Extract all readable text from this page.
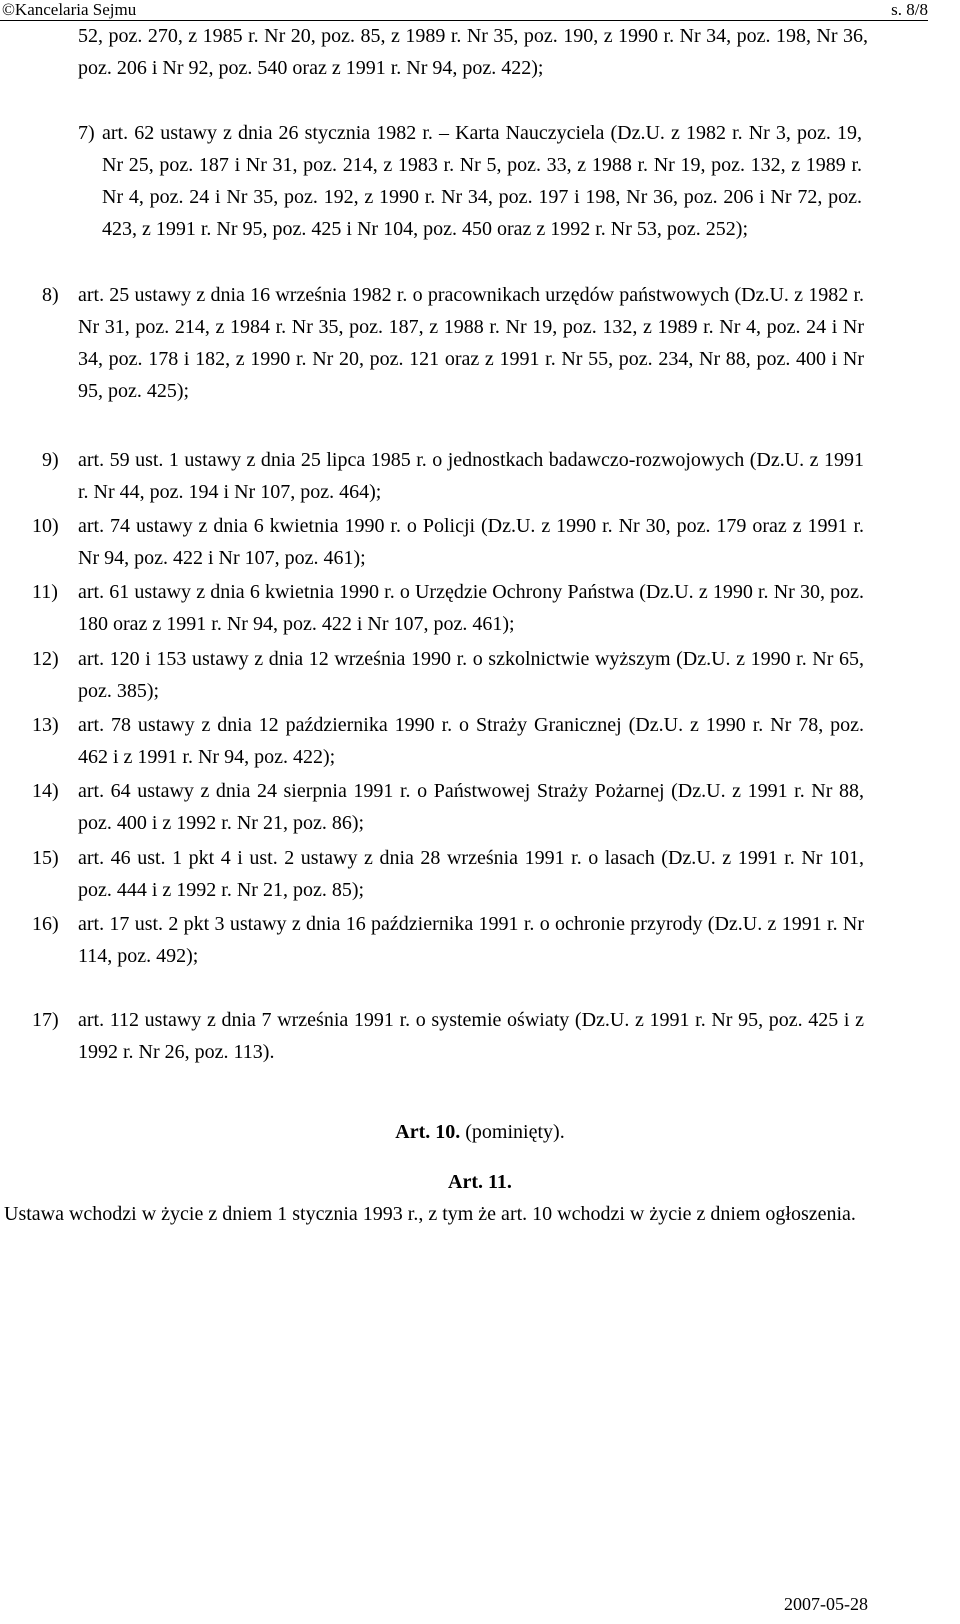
©Kancelaria Sejmu	s. 8/8

52, poz. 270, z 1985 r. Nr 20, poz. 85, z 1989 r. Nr 35, poz. 190, z 1990 r. Nr 34, poz. 198, Nr 36, poz. 206 i Nr 92, poz. 540 oraz z 1991 r. Nr 94, poz. 422);

7) art. 62 ustawy z dnia 26 stycznia 1982 r. – Karta Nauczyciela (Dz.U. z 1982 r. Nr 3, poz. 19, Nr 25, poz. 187 i Nr 31, poz. 214, z 1983 r. Nr 5, poz. 33, z 1988 r. Nr 19, poz. 132, z 1989 r. Nr 4, poz. 24 i Nr 35, poz. 192, z 1990 r. Nr 34, poz. 197 i 198, Nr 36, poz. 206 i Nr 72, poz. 423, z 1991 r. Nr 95, poz. 425 i Nr 104, poz. 450 oraz z 1992 r. Nr 53, poz. 252);
8) art. 25 ustawy z dnia 16 września 1982 r. o pracownikach urzędów państwowych (Dz.U. z 1982 r. Nr 31, poz. 214, z 1984 r. Nr 35, poz. 187, z 1988 r. Nr 19, poz. 132, z 1989 r. Nr 4, poz. 24 i Nr 34, poz. 178 i 182, z 1990 r. Nr 20, poz. 121 oraz z 1991 r. Nr 55, poz. 234, Nr 88, poz. 400 i Nr 95, poz. 425);
9) art. 59 ust. 1 ustawy z dnia 25 lipca 1985 r. o jednostkach badawczo-rozwojowych (Dz.U. z 1991 r. Nr 44, poz. 194 i Nr 107, poz. 464);
10) art. 74 ustawy z dnia 6 kwietnia 1990 r. o Policji (Dz.U. z 1990 r. Nr 30, poz. 179 oraz z 1991 r. Nr 94, poz. 422 i Nr 107, poz. 461);
11)	art. 61 ustawy z dnia 6 kwietnia 1990 r. o Urzędzie Ochrony Państwa (Dz.U. z 1990 r. Nr 30, poz. 180 oraz z 1991 r. Nr 94, poz. 422 i Nr 107, poz. 461);
12) art. 120 i 153 ustawy z dnia 12 września 1990 r. o szkolnictwie wyższym (Dz.U. z 1990 r. Nr 65, poz. 385);
13) art. 78 ustawy z dnia 12 października 1990 r. o Straży Granicznej (Dz.U. z 1990 r. Nr 78, poz. 462 i z 1991 r. Nr 94, poz. 422);
14) art. 64 ustawy z dnia 24 sierpnia 1991 r. o Państwowej Straży Pożarnej (Dz.U. z 1991 r. Nr 88, poz. 400 i z 1992 r. Nr 21, poz. 86);
15) art. 46 ust. 1 pkt 4 i ust. 2 ustawy z dnia 28 września 1991 r. o lasach (Dz.U. z 1991 r. Nr 101, poz. 444 i z 1992 r. Nr 21, poz. 85);
16) art. 17 ust. 2 pkt 3 ustawy z dnia 16 października 1991 r. o ochronie przyrody (Dz.U. z 1991 r. Nr 114, poz. 492);
17) art. 112 ustawy z dnia 7 września 1991 r. o systemie oświaty (Dz.U. z 1991 r. Nr 95, poz. 425 i z 1992 r. Nr 26, poz. 113).
Art. 10. (pominięty).
Art. 11.
Ustawa wchodzi w życie z dniem 1 stycznia 1993 r., z tym że art. 10 wchodzi w życie z dniem ogłoszenia.
2007-05-28
